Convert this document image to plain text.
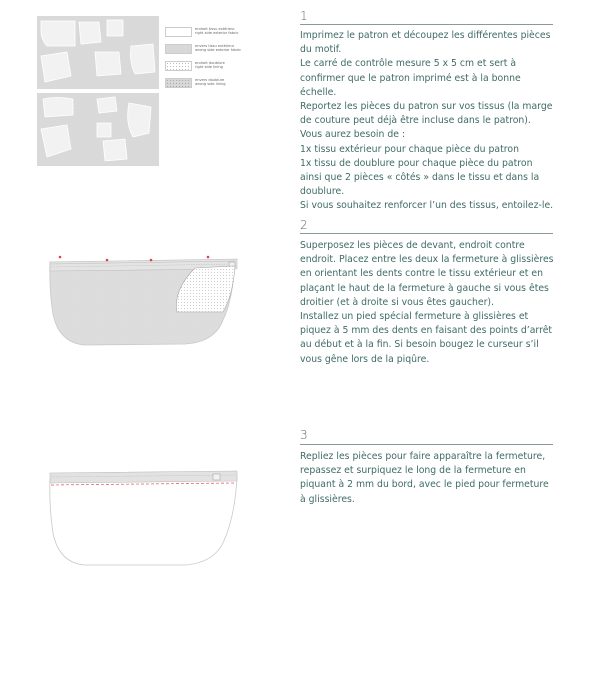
endroit tissu extérieur
right side exterior fabric
envers tissu extérieur
wrong side exterior fabric
endroit doublure
right side lining
envers doublure
wrong side lining
1

Imprimez le patron et découpez les différentes pièces du motif.

Le carré de contrôle mesure 5 x 5 cm et sert à confirmer que le patron imprimé est à la bonne échelle.

Reportez les pièces du patron sur vos tissus (la marge de couture peut déjà être incluse dans le patron).

Vous aurez besoin de :

1x tissu extérieur pour chaque pièce du patron

1x tissu de doublure pour chaque pièce du patron ainsi que 2 pièces « côtés » dans le tissu et dans la doublure.

Si vous souhaitez renforcer l’un des tissus, entoilez-le.

2

Superposez les pièces de devant, endroit contre endroit. Placez entre les deux la fermeture à glissières en orientant les dents contre le tissu extérieur et en plaçant le haut de la fermeture à gauche si vous êtes droitier (et à droite si vous êtes gaucher).

Installez un pied spécial fermeture à glissières et piquez à 5 mm des dents en faisant des points d’arrêt au début et à la fin. Si besoin bougez le curseur s’il vous gêne lors de la piqûre.

3

Repliez les pièces pour faire apparaître la fermeture, repassez et surpiquez le long de la fermeture en piquant à 2 mm du bord, avec le pied pour fermeture à glissières.
